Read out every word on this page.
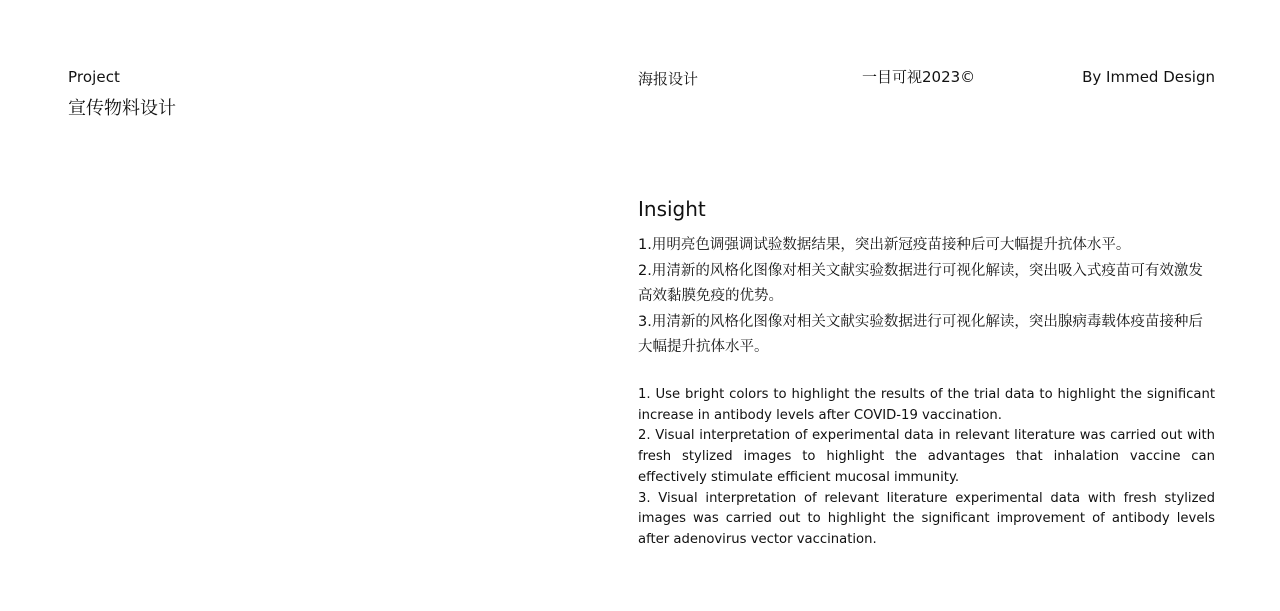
Project
宣传物料设计
海报设计	一目可视2023©	By Immed Design
Insight

1.用明亮色调强调试验数据结果，突出新冠疫苗接种后可大幅提升抗体水平。

2.用清新的风格化图像对相关文献实验数据进行可视化解读，突出吸入式疫苗可有效激发高效黏膜免疫的优势。

3.用清新的风格化图像对相关文献实验数据进行可视化解读，突出腺病毒载体疫苗接种后大幅提升抗体水平。

1. Use bright colors to highlight the results of the trial data to highlight the significant increase in antibody levels after COVID-19 vaccination.

2. Visual interpretation of experimental data in relevant literature was carried out with fresh stylized images to highlight the advantages that inhalation vaccine can effectively stimulate efficient mucosal immunity.

3. Visual interpretation of relevant literature experimental data with fresh stylized images was carried out to highlight the significant improvement of antibody levels after adenovirus vector vaccination.
